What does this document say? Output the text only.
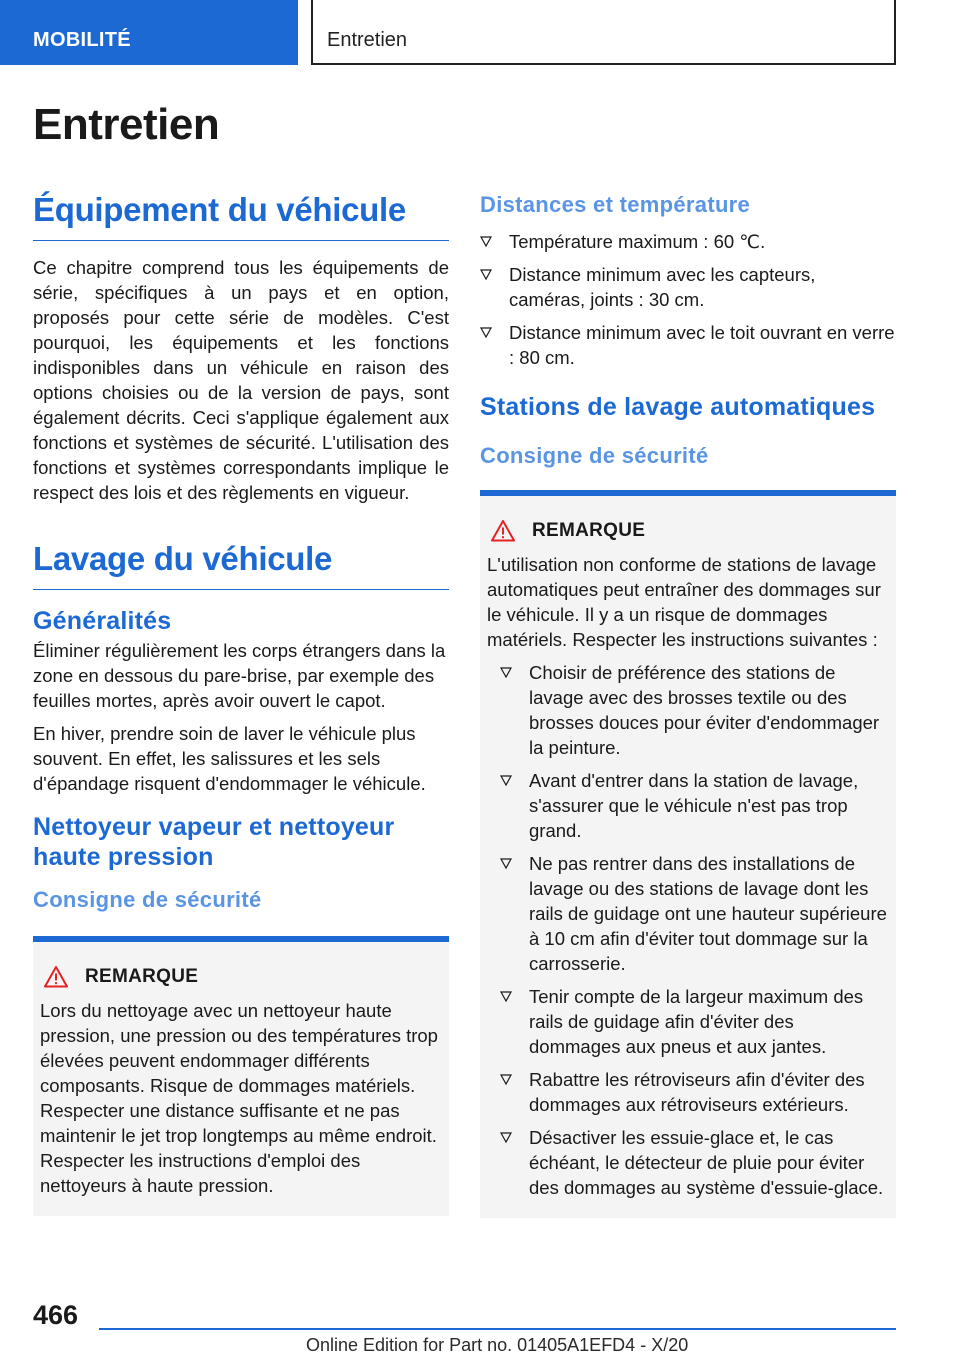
MOBILITÉ	Entretien
Entretien
Équipement du véhicule

Ce chapitre comprend tous les équipements de série, spécifiques à un pays et en option, proposés pour cette série de modèles. C'est pourquoi, les équipements et les fonctions indisponibles dans un véhicule en raison des options choisies ou de la version de pays, sont également décrits. Ceci s'applique également aux fonctions et systèmes de sécurité. L'utilisation des fonctions et systèmes correspondants implique le respect des lois et des règlements en vigueur.

Lavage du véhicule
Généralités

Éliminer régulièrement les corps étrangers dans la zone en dessous du pare-brise, par exemple des feuilles mortes, après avoir ouvert le capot.

En hiver, prendre soin de laver le véhicule plus souvent. En effet, les salissures et les sels d'épandage risquent d'endommager le véhicule.

Nettoyeur vapeur et nettoyeur haute pression
Consigne de sécurité
REMARQUE

Lors du nettoyage avec un nettoyeur haute pression, une pression ou des températures trop élevées peuvent endommager différents composants. Risque de dommages matériels. Respecter une distance suffisante et ne pas maintenir le jet trop longtemps au même endroit. Respecter les instructions d'emploi des nettoyeurs à haute pression.

Distances et température
Température maximum : 60 ℃.
Distance minimum avec les capteurs, caméras, joints : 30 cm.
Distance minimum avec le toit ouvrant en verre : 80 cm.
Stations de lavage automatiques
Consigne de sécurité
REMARQUE

L'utilisation non conforme de stations de lavage automatiques peut entraîner des dommages sur le véhicule. Il y a un risque de dommages matériels. Respecter les instructions suivantes :

Choisir de préférence des stations de lavage avec des brosses textile ou des brosses douces pour éviter d'endommager la peinture.
Avant d'entrer dans la station de lavage, s'assurer que le véhicule n'est pas trop grand.
Ne pas rentrer dans des installations de lavage ou des stations de lavage dont les rails de guidage ont une hauteur supérieure à 10 cm afin d'éviter tout dommage sur la carrosserie.
Tenir compte de la largeur maximum des rails de guidage afin d'éviter des dommages aux pneus et aux jantes.
Rabattre les rétroviseurs afin d'éviter des dommages aux rétroviseurs extérieurs.
Désactiver les essuie-glace et, le cas échéant, le détecteur de pluie pour éviter des dommages au système d'essuie-glace.
466
Online Edition for Part no. 01405A1EFD4 - X/20
